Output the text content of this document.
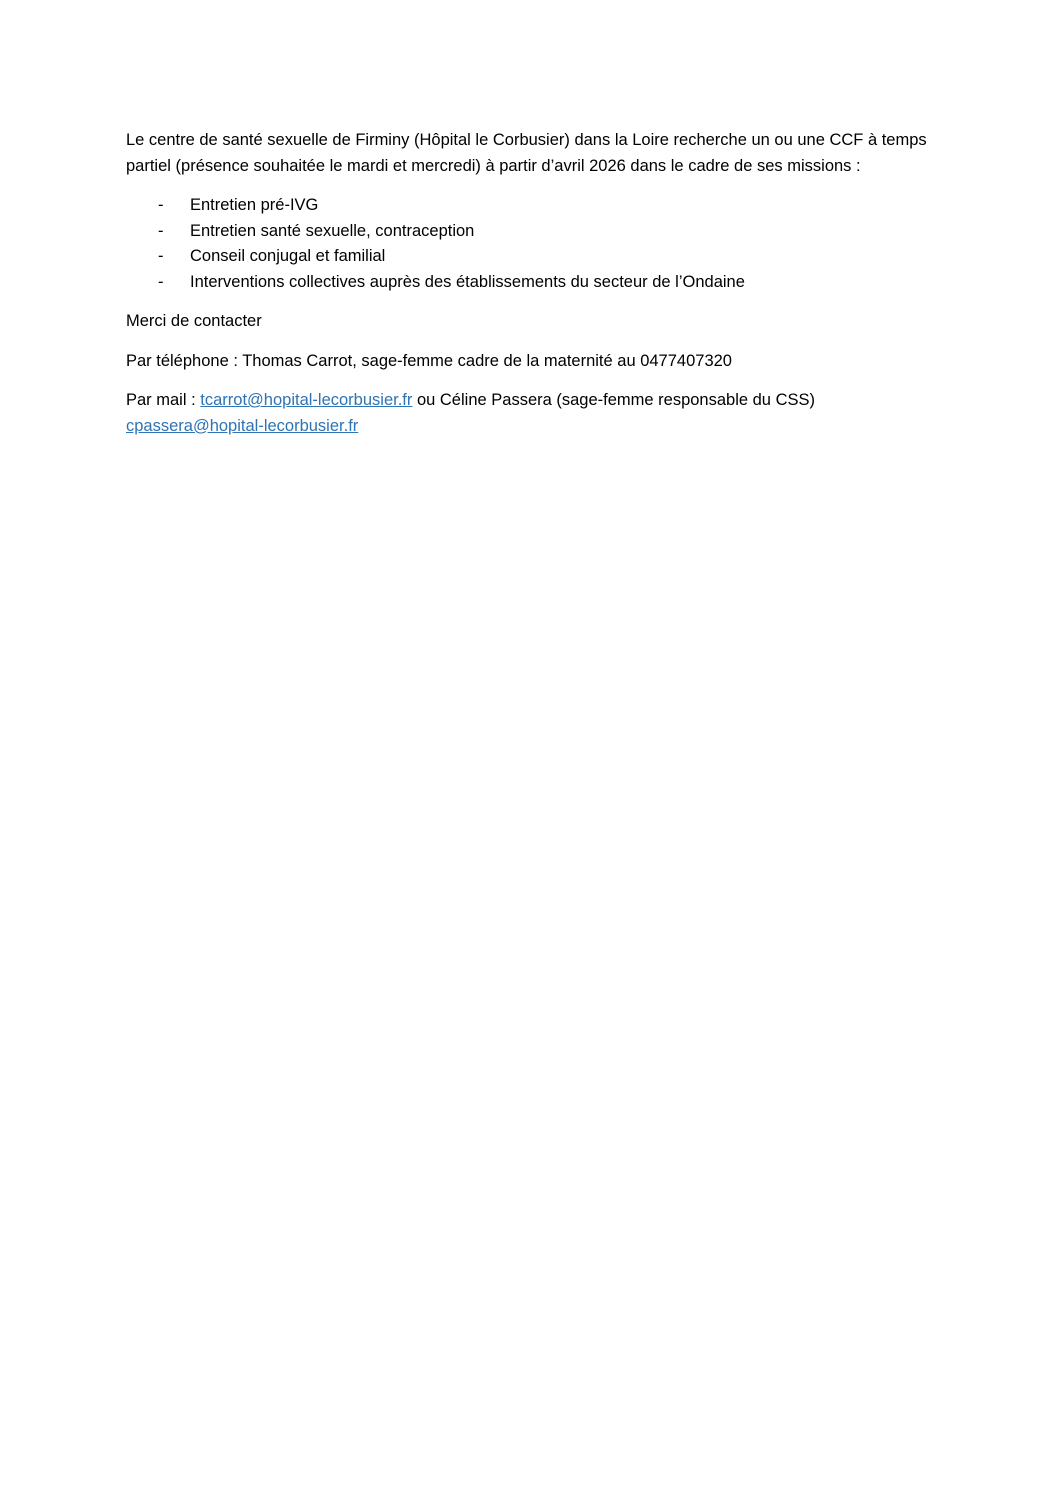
Le centre de santé sexuelle de Firminy (Hôpital le Corbusier) dans la Loire recherche un ou une CCF à temps partiel (présence souhaitée le mardi et mercredi) à partir d’avril 2026 dans le cadre de ses missions :

-	Entretien pré-IVG
-	Entretien santé sexuelle, contraception
-	Conseil conjugal et familial
-	Interventions collectives auprès des établissements du secteur de l’Ondaine

Merci de contacter

Par téléphone : Thomas Carrot, sage-femme cadre de la maternité au 0477407320

Par mail : tcarrot@hopital-lecorbusier.fr ou Céline Passera (sage-femme responsable du CSS)
cpassera@hopital-lecorbusier.fr
